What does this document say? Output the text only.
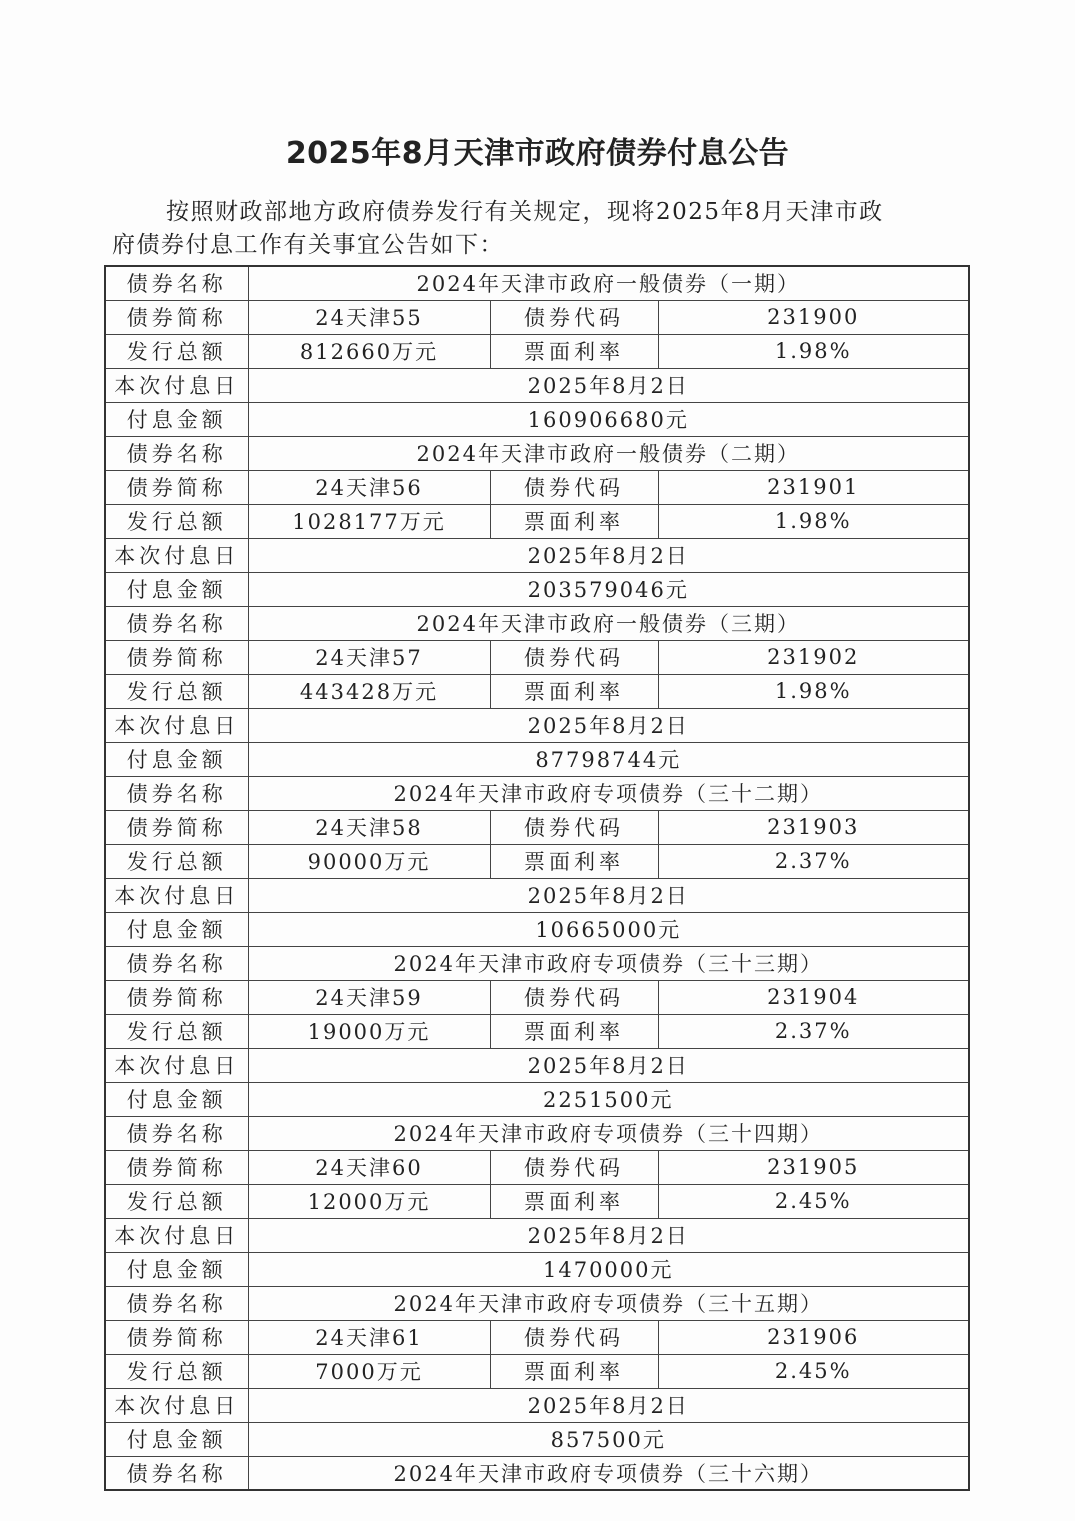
2025年8月天津市政府债券付息公告
按照财政部地方政府债券发行有关规定，现将2025年8月天津市政
府债券付息工作有关事宜公告如下：
债券名称	2024年天津市政府一般债券（一期）		
债券简称	24天津55	债券代码	231900
发行总额	812660万元	票面利率	1.98%
本次付息日	2025年8月2日		
付息金额	160906680元		
债券名称	2024年天津市政府一般债券（二期）		
债券简称	24天津56	债券代码	231901
发行总额	1028177万元	票面利率	1.98%
本次付息日	2025年8月2日		
付息金额	203579046元		
债券名称	2024年天津市政府一般债券（三期）		
债券简称	24天津57	债券代码	231902
发行总额	443428万元	票面利率	1.98%
本次付息日	2025年8月2日		
付息金额	87798744元		
债券名称	2024年天津市政府专项债券（三十二期）		
债券简称	24天津58	债券代码	231903
发行总额	90000万元	票面利率	2.37%
本次付息日	2025年8月2日		
付息金额	10665000元		
债券名称	2024年天津市政府专项债券（三十三期）		
债券简称	24天津59	债券代码	231904
发行总额	19000万元	票面利率	2.37%
本次付息日	2025年8月2日		
付息金额	2251500元		
债券名称	2024年天津市政府专项债券（三十四期）		
债券简称	24天津60	债券代码	231905
发行总额	12000万元	票面利率	2.45%
本次付息日	2025年8月2日		
付息金额	1470000元		
债券名称	2024年天津市政府专项债券（三十五期）		
债券简称	24天津61	债券代码	231906
发行总额	7000万元	票面利率	2.45%
本次付息日	2025年8月2日		
付息金额	857500元		
债券名称	2024年天津市政府专项债券（三十六期）		
